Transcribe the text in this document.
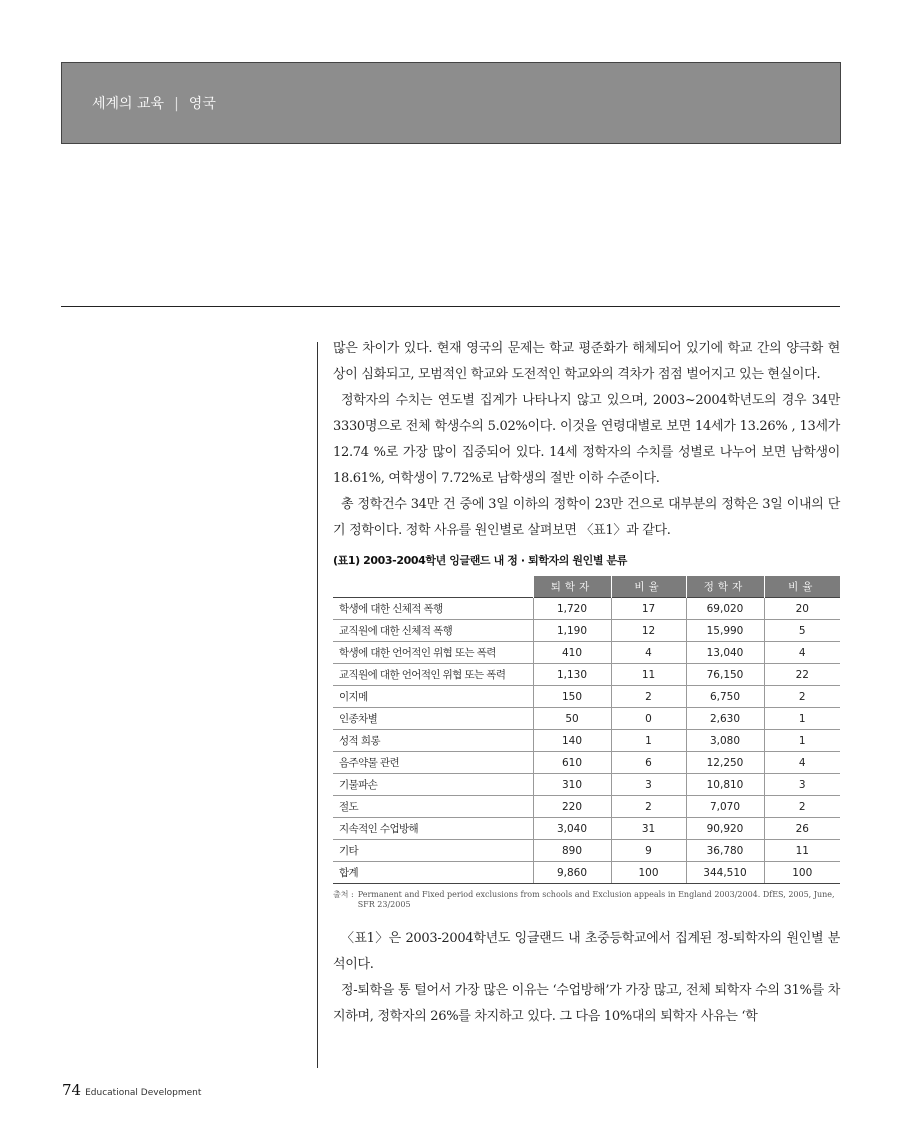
세계의 교육 | 영국

많은 차이가 있다. 현재 영국의 문제는 학교 평준화가 해체되어 있기에 학교 간의 양극화 현상이 심화되고, 모범적인 학교와 도전적인 학교와의 격차가 점점 벌어지고 있는 현실이다.

정학자의 수치는 연도별 집계가 나타나지 않고 있으며, 2003~2004학년도의 경우 34만 3330명으로 전체 학생수의 5.02%이다. 이것을 연령대별로 보면 14세가 13.26% , 13세가 12.74 %로 가장 많이 집중되어 있다. 14세 정학자의 수치를 성별로 나누어 보면 남학생이 18.61%, 여학생이 7.72%로 남학생의 절반 이하 수준이다.

총 정학건수 34만 건 중에 3일 이하의 정학이 23만 건으로 대부분의 정학은 3일 이내의 단기 정학이다. 정학 사유를 원인별로 살펴보면 〈표1〉과 같다.

(표1) 2003-2004학년 잉글랜드 내 정 · 퇴학자의 원인별 분류
	퇴학자	비율	정학자	비율
학생에 대한 신체적 폭행	1,720	17	69,020	20
교직원에 대한 신체적 폭행	1,190	12	15,990	5
학생에 대한 언어적인 위협 또는 폭력	410	4	13,040	4
교직원에 대한 언어적인 위협 또는 폭력	1,130	11	76,150	22
이지메	150	2	6,750	2
인종차별	50	0	2,630	1
성적 희롱	140	1	3,080	1
음주약물 관련	610	6	12,250	4
기물파손	310	3	10,810	3
절도	220	2	7,070	2
지속적인 수업방해	3,040	31	90,920	26
기타	890	9	36,780	11
합계	9,860	100	344,510	100
출처 : Permanent and Fixed period exclusions from schools and Exclusion appeals in England 2003/2004. DfES, 2005, June, SFR 23/2005

〈표1〉은 2003-2004학년도 잉글랜드 내 초중등학교에서 집계된 정-퇴학자의 원인별 분석이다.

정-퇴학을 통 털어서 가장 많은 이유는 ‘수업방해’가 가장 많고, 전체 퇴학자 수의 31%를 차지하며, 정학자의 26%를 차지하고 있다. 그 다음 10%대의 퇴학자 사유는 ‘학

74 Educational Development
